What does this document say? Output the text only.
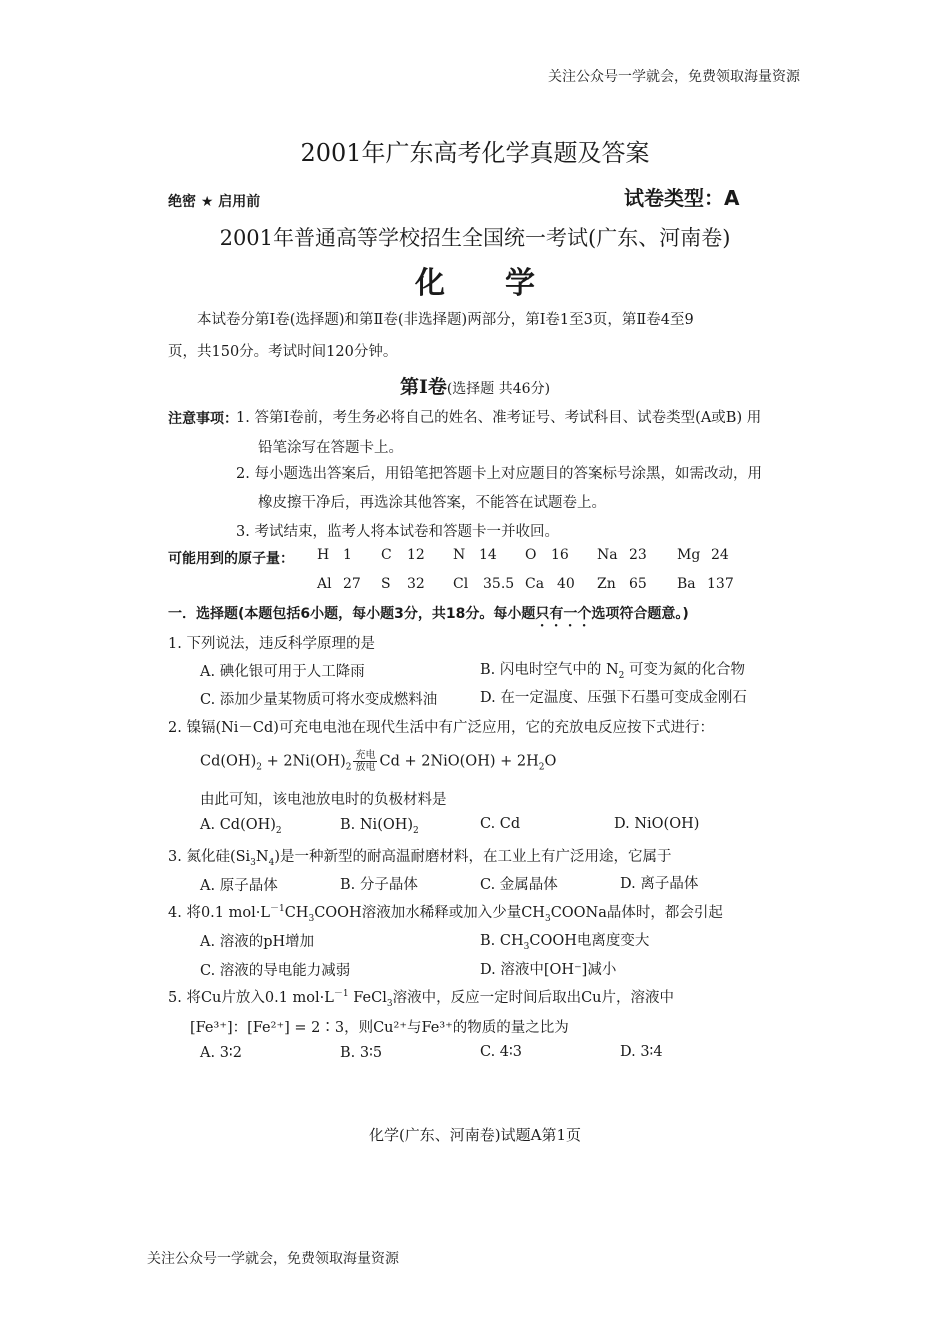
关注公众号一学就会，免费领取海量资源
2001年广东高考化学真题及答案
绝密 ★ 启用前	试卷类型：A
2001年普通高等学校招生全国统一考试(广东、河南卷)
化学
本试卷分第Ⅰ卷(选择题)和第Ⅱ卷(非选择题)两部分，第Ⅰ卷1至3页，第Ⅱ卷4至9
页，共150分。考试时间120分钟。
第Ⅰ卷(选择题 共46分)
注意事项：
1. 答第Ⅰ卷前，考生务必将自己的姓名、准考证号、考试科目、试卷类型(A或B) 用
铅笔涂写在答题卡上。
2. 每小题选出答案后，用铅笔把答题卡上对应题目的答案标号涂黑，如需改动，用
橡皮擦干净后，再选涂其他答案，不能答在试题卷上。
3. 考试结束，监考人将本试卷和答题卡一并收回。
可能用到的原子量： H 1 C 12 N 14 O 16 Na 23 Mg 24
Al 27 S 32 Cl 35.5 Ca 40 Zn 65 Ba 137
一．选择题(本题包括6小题，每小题3分，共18分。每小题只有一个选项符合题意。)
1. 下列说法，违反科学原理的是
A. 碘化银可用于人工降雨	B. 闪电时空气中的 $N_2$ 可变为氮的化合物
C. 添加少量某物质可将水变成燃料油	D. 在一定温度、压强下石墨可变成金刚石
2. 镍镉(Ni－Cd)可充电电池在现代生活中有广泛应用，它的充放电反应按下式进行：
$Cd(OH)_2 + 2Ni(OH)_2 \frac{\text{充电}}{\text{放电}}$ $Cd + 2NiO(OH) + 2H_2O$
由此可知，该电池放电时的负极材料是
A. $Cd(OH)_2$	B. $Ni(OH)_2$	C. Cd	D. NiO(OH)
3. 氮化硅$(Si_3N_4)$是一种新型的耐高温耐磨材料，在工业上有广泛用途，它属于
A. 原子晶体	B. 分子晶体	C. 金属晶体	D. 离子晶体
4. 将0.1 $mol\cdot L^{-1}CH_3COOH$溶液加水稀释或加入少量$CH_3COONa$晶体时，都会引起
A. 溶液的pH增加	B. $CH_3COOH$电离度变大
C. 溶液的导电能力减弱	D. 溶液中[OH⁻]减小
5. 将Cu片放入0.1 $mol\cdot L^{-1}$ FeCl$_3$溶液中，反应一定时间后取出Cu片，溶液中
[Fe³⁺]：[Fe²⁺] = 2∶3，则Cu²⁺与Fe³⁺的物质的量之比为
A. 3∶2	B. 3∶5	C. 4∶3	D. 3∶4
化学(广东、河南卷)试题A第1页
关注公众号一学就会，免费领取海量资源
